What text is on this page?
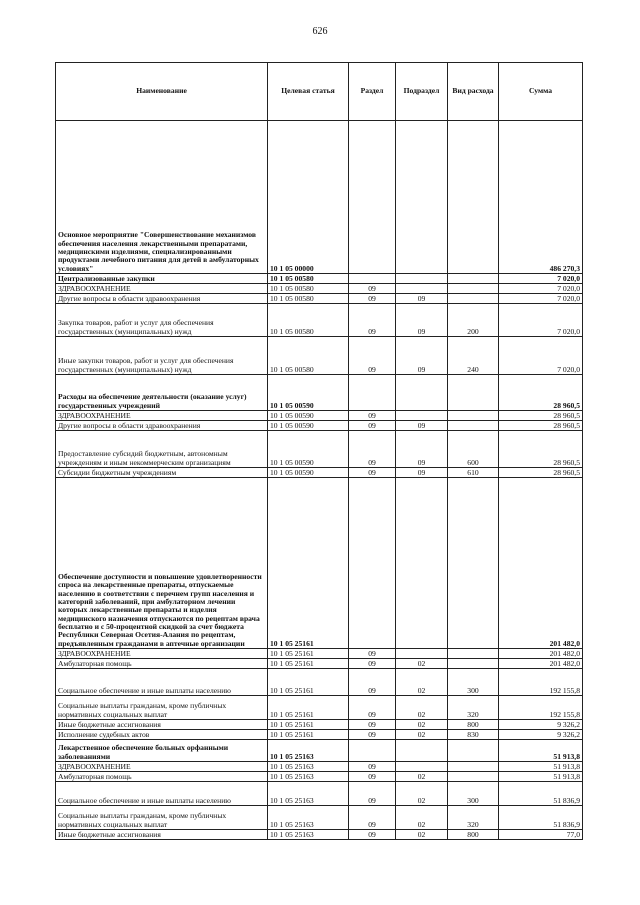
626
Наименование	Целевая статья	Раздел	Подраздел	Вид расхода	Сумма
Основное мероприятие "Совершенствование механизмов обеспечения населения лекарственными препаратами, медицинскими изделиями, специализированными продуктами лечебного питания для детей в амбулаторных условиях"	10 1 05 00000				486 270,3
Централизованные закупки	10 1 05 00580				7 020,0
ЗДРАВООХРАНЕНИЕ	10 1 05 00580	09			7 020,0
Другие вопросы в области здравоохранения	10 1 05 00580	09	09		7 020,0
Закупка товаров, работ и услуг для обеспечения государственных (муниципальных) нужд	10 1 05 00580	09	09	200	7 020,0
Иные закупки товаров, работ и услуг для обеспечения государственных (муниципальных) нужд	10 1 05 00580	09	09	240	7 020,0
Расходы на обеспечение деятельности (оказание услуг) государственных учреждений	10 1 05 00590				28 960,5
ЗДРАВООХРАНЕНИЕ	10 1 05 00590	09			28 960,5
Другие вопросы в области здравоохранения	10 1 05 00590	09	09		28 960,5
Предоставление субсидий бюджетным, автономным учреждениям и иным некоммерческим организациям	10 1 05 00590	09	09	600	28 960,5
Субсидии бюджетным учреждениям	10 1 05 00590	09	09	610	28 960,5
Обеспечение доступности и повышение удовлетворенности спроса на лекарственные препараты, отпускаемые населению в соответствии с перечнем групп населения и категорий заболеваний, при амбулаторном лечении которых лекарственные препараты и изделия медицинского назначения отпускаются по рецептам врача бесплатно и с 50-процентной скидкой за счет бюджета Республики Северная Осетия-Алания по рецептам, предъявленным гражданами в аптечные организации	10 1 05 25161				201 482,0
ЗДРАВООХРАНЕНИЕ	10 1 05 25161	09			201 482,0
Амбулаторная помощь	10 1 05 25161	09	02		201 482,0
Социальное обеспечение и иные выплаты населению	10 1 05 25161	09	02	300	192 155,8
Социальные выплаты гражданам, кроме публичных нормативных социальных выплат	10 1 05 25161	09	02	320	192 155,8
Иные бюджетные ассигнования	10 1 05 25161	09	02	800	9 326,2
Исполнение судебных актов	10 1 05 25161	09	02	830	9 326,2
Лекарственное обеспечение больных орфанными заболеваниями	10 1 05 25163				51 913,8
ЗДРАВООХРАНЕНИЕ	10 1 05 25163	09			51 913,8
Амбулаторная помощь	10 1 05 25163	09	02		51 913,8
Социальное обеспечение и иные выплаты населению	10 1 05 25163	09	02	300	51 836,9
Социальные выплаты гражданам, кроме публичных нормативных социальных выплат	10 1 05 25163	09	02	320	51 836,9
Иные бюджетные ассигнования	10 1 05 25163	09	02	800	77,0
